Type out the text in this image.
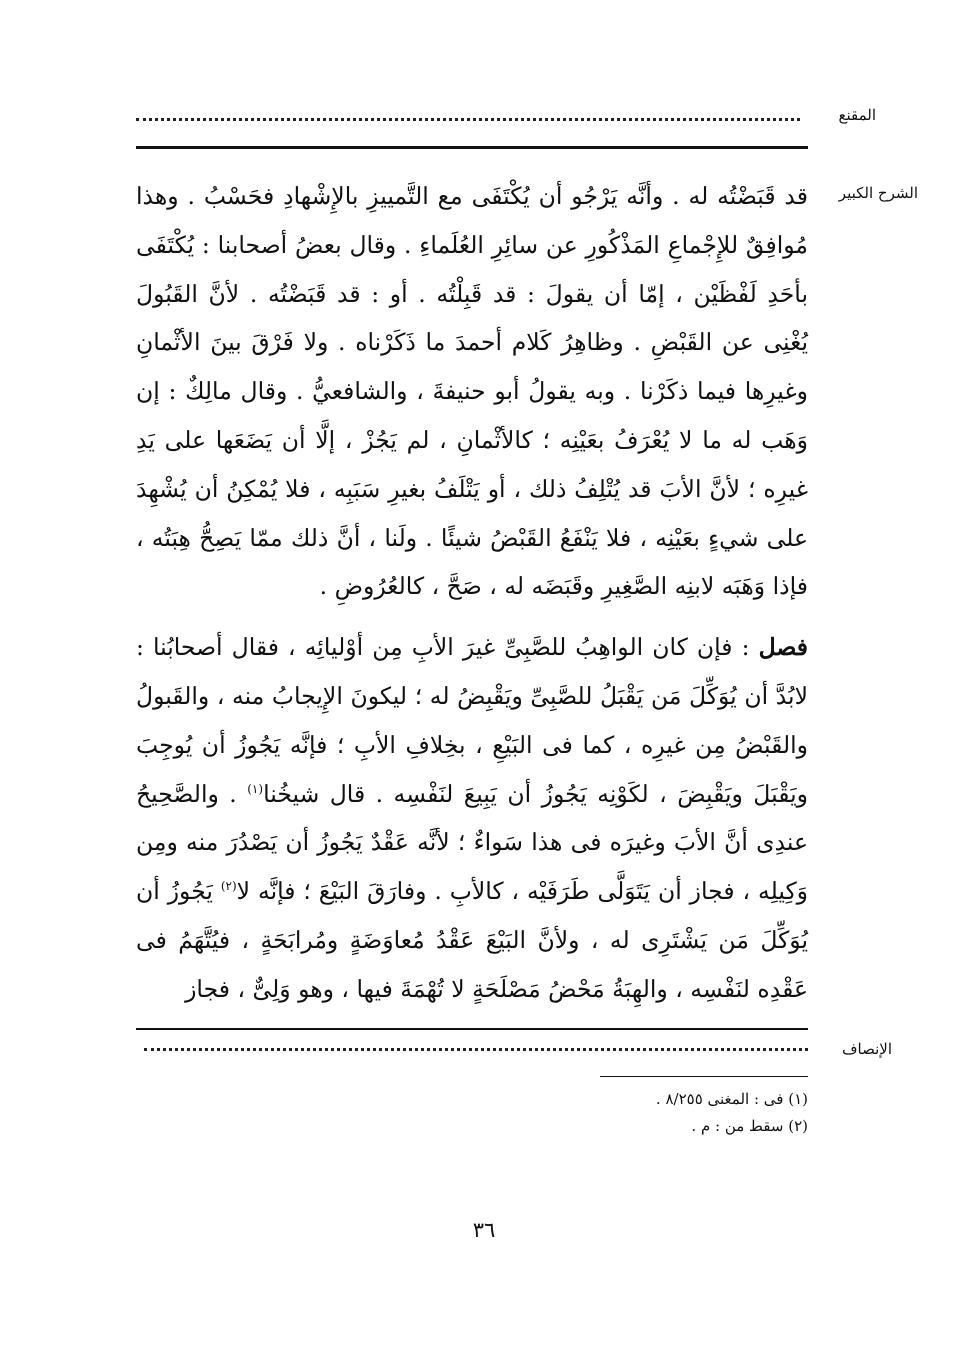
المقنع
الشرح الكبير

قد قَبَضْتُه له . وأنَّه يَرْجُو أن يُكْتَفَى مع التَّمييزِ بالإِشْهادِ فحَسْبُ . وهذا مُوافِقٌ للإِجْماعِ المَذْكُورِ عن سائِرِ العُلَماءِ . وقال بعضُ أصحابنا : يُكْتَفَى بأحَدِ لَفْظَيْن ، إمّا أن يقولَ : قد قَبِلْتُه . أو : قد قَبَضْتُه . لأنَّ القَبُولَ يُغْنِى عن القَبْضِ . وظاهِرُ كَلام أحمدَ ما ذَكَرْناه . ولا فَرْقَ بينَ الأثْمانِ وغيرِها فيما ذكَرْنا . وبه يقولُ أبو حنيفةَ ، والشافعيُّ . وقال مالِكٌ : إن وَهَب له ما لا يُعْرَفُ بعَيْنِه ؛ كالأثْمانِ ، لم يَجُزْ ، إلَّا أن يَضَعَها على يَدِ غيرِه ؛ لأنَّ الأبَ قد يُتْلِفُ ذلك ، أو يَتْلَفُ بغيرِ سَبَبِه ، فلا يُمْكِنُ أن يُشْهِدَ على شيءٍ بعَيْنِه ، فلا يَنْفَعُ القَبْضُ شيئًا . ولَنا ، أنَّ ذلك ممّا يَصِحُّ هِبَتُه ، فإذا وَهَبَه لابنِه الصَّغِيرِ وقَبَضَه له ، صَحَّ ، كالعُرُوضِ .

فصل : فإن كان الواهِبُ للصَّبِىِّ غيرَ الأبِ مِن أوْليائِه ، فقال أصحابُنا : لابُدَّ أن يُوَكِّلَ مَن يَقْبَلُ للصَّبِىِّ ويَقْبِضُ له ؛ ليكونَ الإِيجابُ منه ، والقَبولُ والقَبْضُ مِن غيرِه ، كما فى البَيْعِ ، بخِلافِ الأبِ ؛ فإنَّه يَجُوزُ أن يُوجِبَ ويَقْبَلَ ويَقْبِضَ ، لكَوْنِه يَجُوزُ أن يَبِيعَ لنَفْسِه . قال شيخُنا$^{(١)}$ . والصَّحِيحُ عندِى أنَّ الأبَ وغيرَه فى هذا سَواءٌ ؛ لأنَّه عَقْدٌ يَجُوزُ أن يَصْدُرَ منه ومِن وَكِيلِه ، فجاز أن يَتَوَلَّى طَرَفَيْه ، كالأبِ . وفارَقَ البَيْعَ ؛ فإنَّه لا$^{(٢)}$ يَجُوزُ أن يُوَكِّلَ مَن يَشْتَرِى له ، ولأنَّ البَيْعَ عَقْدُ مُعاوَضَةٍ ومُرابَحَةٍ ، فيُتَّهَمُ فى عَقْدِه لنَفْسِه ، والهِبَةُ مَحْضُ مَصْلَحَةٍ لا تُهْمَةَ فيها ، وهو وَلِىٌّ ، فجاز

الإنصاف
(١) فى : المغنى ٨/٢٥٥ .
(٢) سقط من : م .
٣٦
